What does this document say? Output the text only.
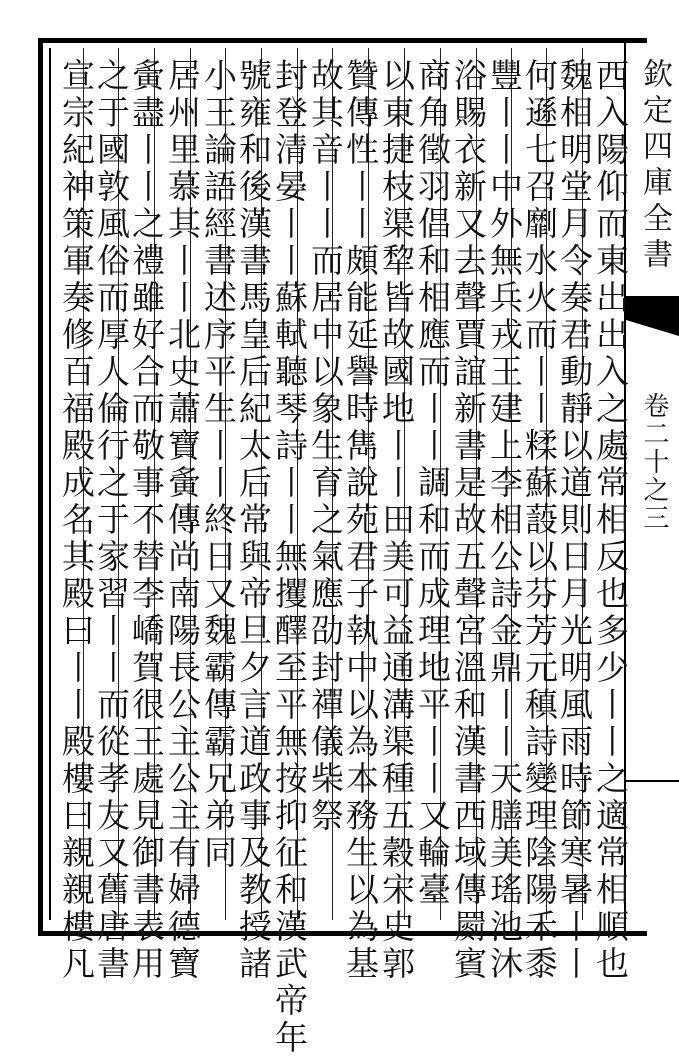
欽定四庫全書
卷二十之三
西入陽仰而東出出入之處常相反也多少丨丨之適常相順也
魏相明堂月令奏君動靜以道則日月光明風雨時節寒暑丨丨
何遜七召劘水火而丨丨糅蘇蔎以芬芳元稹詩變理陰陽禾黍
豐丨丨中外無兵戎王建上李相公詩金鼎丨丨天膳美瑤池沐
浴賜衣新又去聲賈誼新書是故五聲宮溫和漢書西域傳罽賓
商角徵羽倡和相應而丨丨調和而成理地平丨丨又輪臺
以東捷枝渠犂皆故國地丨丨田美可益通溝渠種五穀宋史郭
贊傳性丨丨頗能延譽時雋說苑君子執中以為本務生以為基
故其音丨丨而居中以象生育之氣應劭封禪儀柴祭
封登清晏丨丨蘇軾聽琴詩丨丨無攫醳至平無按抑征和漢武帝年
號雍和後漢書馬皇后紀太后常與帝旦夕言道政事及教授諸
小王論語經書述序平生丨丨終日又魏霸傳霸兄弟同
居州里慕其丨丨北史蕭寶夤傳尚南陽長公主公主有婦德寶
夤盡丨丨之禮雖好合而敬事不替李嶠賀很王處見御書表用
之于國敦風俗而厚人倫行之于家習丨丨而從孝友又舊唐書
宣宗紀神策軍奏修百福殿成名其殿曰丨丨殿樓曰親親樓凡
